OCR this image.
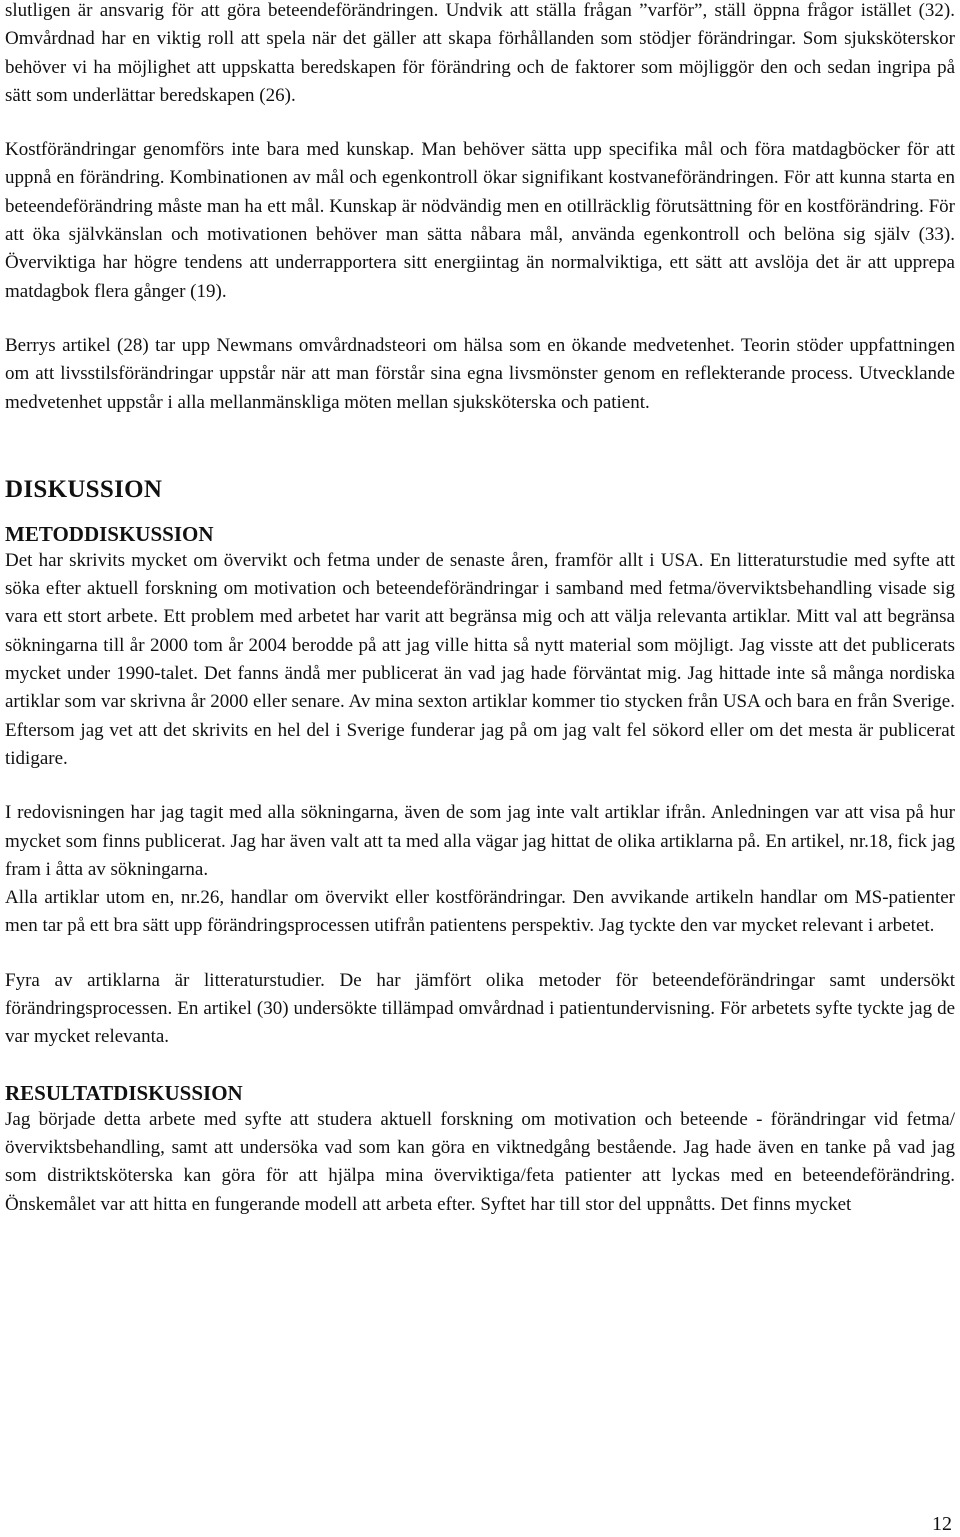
slutligen är ansvarig för att göra beteendeförändringen. Undvik att ställa frågan ”varför”, ställ öppna frågor istället (32). Omvårdnad har en viktig roll att spela när det gäller att skapa förhållanden som stödjer förändringar. Som sjuksköterskor behöver vi ha möjlighet att uppskatta beredskapen för förändring och de faktorer som möjliggör den och sedan ingripa på sätt som underlättar beredskapen (26).

Kostförändringar genomförs inte bara med kunskap. Man behöver sätta upp specifika mål och föra matdagböcker för att uppnå en förändring. Kombinationen av mål och egenkontroll ökar signifikant kostvaneförändringen. För att kunna starta en beteendeförändring måste man ha ett mål. Kunskap är nödvändig men en otillräcklig förutsättning för en kostförändring. För att öka självkänslan och motivationen behöver man sätta nåbara mål, använda egenkontroll och belöna sig själv (33). Överviktiga har högre tendens att underrapportera sitt energiintag än normalviktiga, ett sätt att avslöja det är att upprepa matdagbok flera gånger (19).

Berrys artikel (28) tar upp Newmans omvårdnadsteori om hälsa som en ökande medvetenhet. Teorin stöder uppfattningen om att livsstilsförändringar uppstår när att man förstår sina egna livsmönster genom en reflekterande process. Utvecklande medvetenhet uppstår i alla mellanmänskliga möten mellan sjuksköterska och patient.

DISKUSSION
METODDISKUSSION

Det har skrivits mycket om övervikt och fetma under de senaste åren, framför allt i USA. En litteraturstudie med syfte att söka efter aktuell forskning om motivation och beteendeförändringar i samband med fetma/överviktsbehandling visade sig vara ett stort arbete. Ett problem med arbetet har varit att begränsa mig och att välja relevanta artiklar. Mitt val att begränsa sökningarna till år 2000 tom år 2004 berodde på att jag ville hitta så nytt material som möjligt. Jag visste att det publicerats mycket under 1990-talet. Det fanns ändå mer publicerat än vad jag hade förväntat mig. Jag hittade inte så många nordiska artiklar som var skrivna år 2000 eller senare. Av mina sexton artiklar kommer tio stycken från USA och bara en från Sverige. Eftersom jag vet att det skrivits en hel del i Sverige funderar jag på om jag valt fel sökord eller om det mesta är publicerat tidigare.

I redovisningen har jag tagit med alla sökningarna, även de som jag inte valt artiklar ifrån. Anledningen var att visa på hur mycket som finns publicerat. Jag har även valt att ta med alla vägar jag hittat de olika artiklarna på. En artikel, nr.18, fick jag fram i åtta av sökningarna.

Alla artiklar utom en, nr.26, handlar om övervikt eller kostförändringar. Den avvikande artikeln handlar om MS-patienter men tar på ett bra sätt upp förändringsprocessen utifrån patientens perspektiv. Jag tyckte den var mycket relevant i arbetet.

Fyra av artiklarna är litteraturstudier. De har jämfört olika metoder för beteendeförändringar samt undersökt förändringsprocessen. En artikel (30) undersökte tillämpad omvårdnad i patientundervisning. För arbetets syfte tyckte jag de var mycket relevanta.

RESULTATDISKUSSION

Jag började detta arbete med syfte att studera aktuell forskning om motivation och beteende - förändringar vid fetma/överviktsbehandling, samt att undersöka vad som kan göra en viktnedgång bestående. Jag hade även en tanke på vad jag som distriktsköterska kan göra för att hjälpa mina överviktiga/feta patienter att lyckas med en beteendeförändring. Önskemålet var att hitta en fungerande modell att arbeta efter. Syftet har till stor del uppnåtts. Det finns mycket

12
